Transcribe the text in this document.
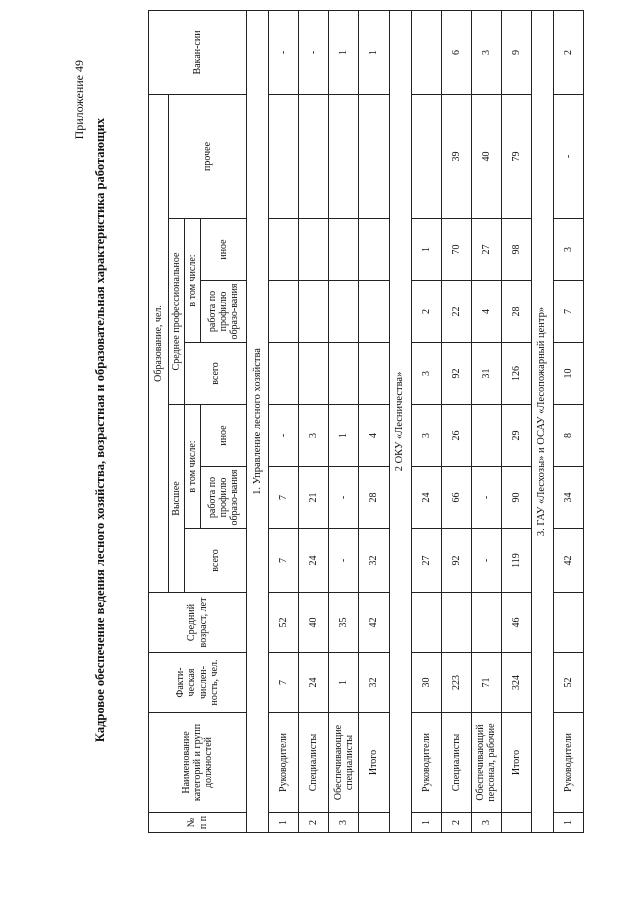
Приложение 49
Кадровое обеспечение ведения лесного хозяйства, возрастная и образовательная характеристика работающих
№ п п	Наименование категорий и групп должностей	Факти-ческая числен-ность, чел.	Средний возраст, лет	Образование, чел.							Вакан-сии
				Высшее			Среднее профессиональное			прочее	
				всего	в том числе:		всего	в том числе:			
					работа по профилю образо-вания	иное		работа по профилю образо-вания	иное		
1. Управление лесного хозяйства											
1	Руководители	7	52	7	7	-					-
2	Специалисты	24	40	24	21	3					-
3	Обеспечивающие специалисты	1	35	-	-	1					1
	Итого	32	42	32	28	4					1
2 ОКУ «Лесничества»											
1	Руководители	30		27	24	3	3	2	1		
2	Специалисты	223		92	66	26	92	22	70	39	6
3	Обеспечивающий персонал, рабочие	71		-	-		31	4	27	40	3
	Итого	324	46	119	90	29	126	28	98	79	9
3. ГАУ «Лесхозы» и ОСАУ «Лесопожарный центр»											
1	Руководители	52		42	34	8	10	7	3	-	2
